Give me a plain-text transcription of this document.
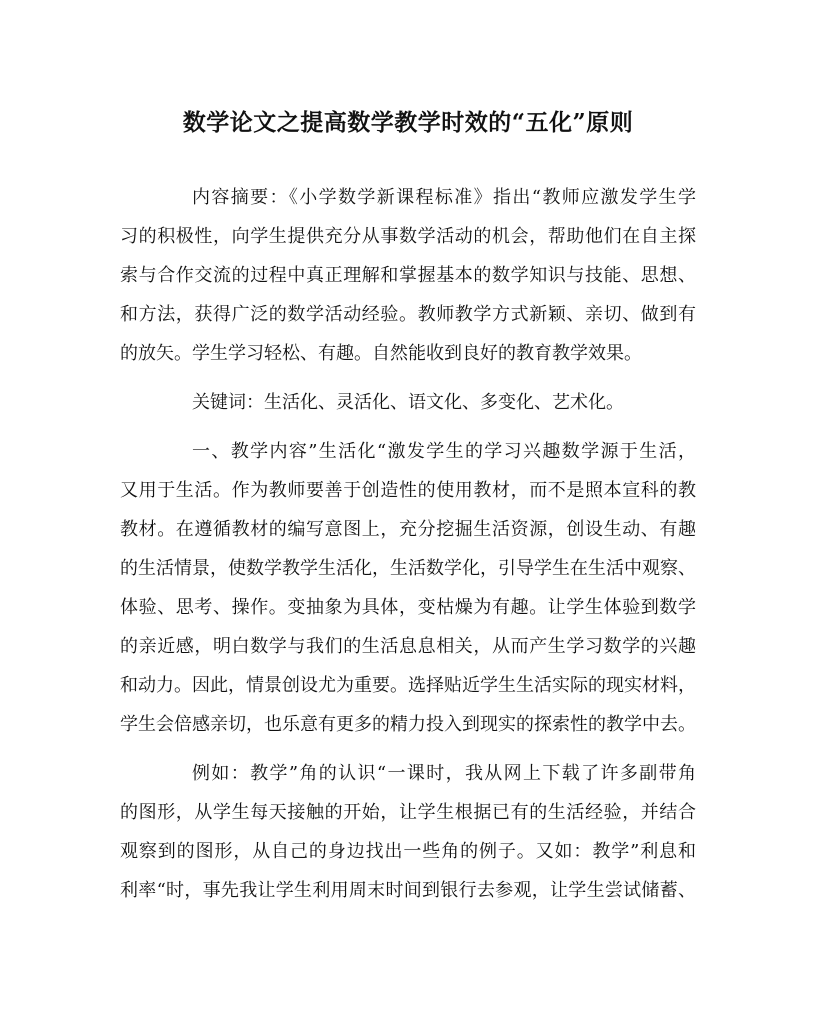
数学论文之提高数学教学时效的“五化”原则
内容摘要：《小学数学新课程标准》指出“教师应激发学生学
习的积极性，向学生提供充分从事数学活动的机会，帮助他们在自主探
索与合作交流的过程中真正理解和掌握基本的数学知识与技能、思想、
和方法，获得广泛的数学活动经验。教师教学方式新颖、亲切、做到有
的放矢。学生学习轻松、有趣。自然能收到良好的教育教学效果。
关键词：生活化、灵活化、语文化、多变化、艺术化。
一、教学内容”生活化“激发学生的学习兴趣数学源于生活，
又用于生活。作为教师要善于创造性的使用教材，而不是照本宣科的教
教材。在遵循教材的编写意图上，充分挖掘生活资源，创设生动、有趣
的生活情景，使数学教学生活化，生活数学化，引导学生在生活中观察、
体验、思考、操作。变抽象为具体，变枯燥为有趣。让学生体验到数学
的亲近感，明白数学与我们的生活息息相关，从而产生学习数学的兴趣
和动力。因此，情景创设尤为重要。选择贴近学生生活实际的现实材料，
学生会倍感亲切，也乐意有更多的精力投入到现实的探索性的教学中去。
例如：教学”角的认识“一课时，我从网上下载了许多副带角
的图形，从学生每天接触的开始，让学生根据已有的生活经验，并结合
观察到的图形，从自己的身边找出一些角的例子。又如：教学”利息和
利率“时，事先我让学生利用周末时间到银行去参观，让学生尝试储蓄、
